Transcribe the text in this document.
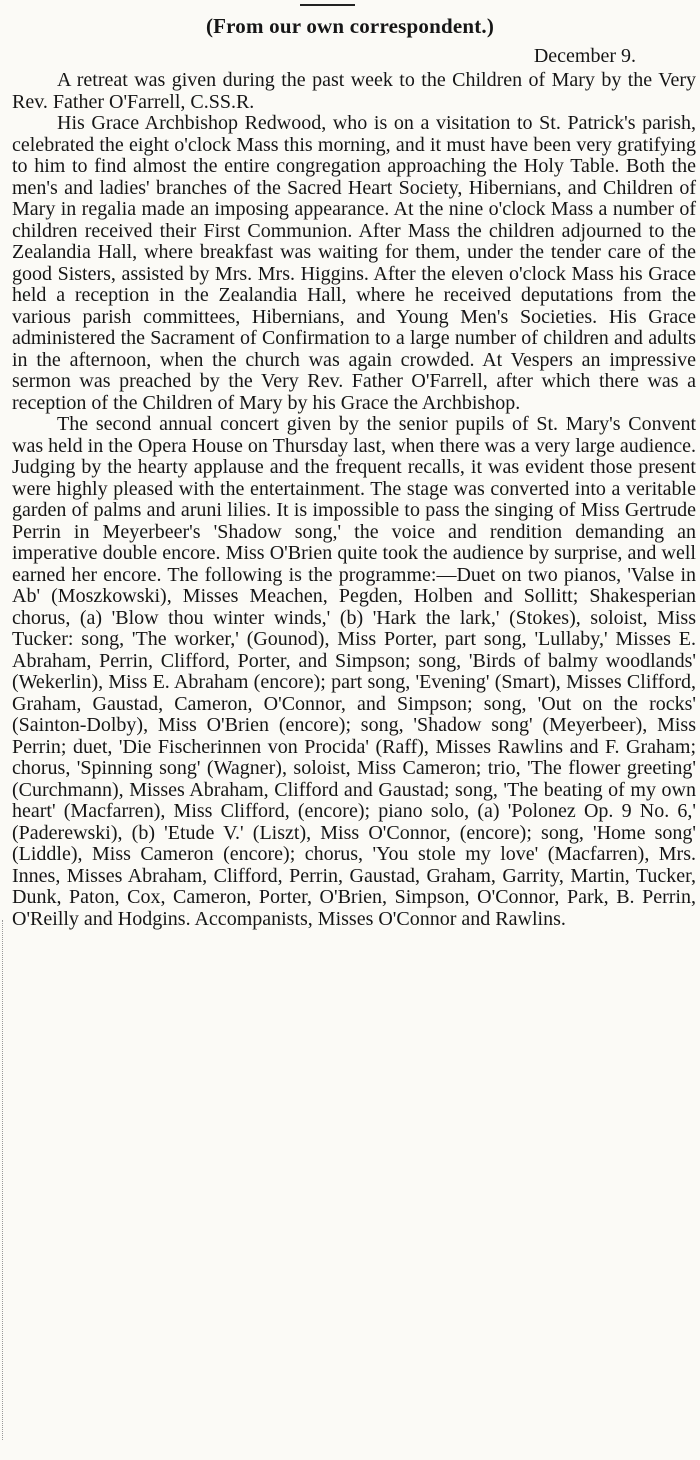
(From our own correspondent.)
December 9.

A retreat was given during the past week to the Children of Mary by the Very Rev. Father O'Farrell, C.SS.R.

His Grace Archbishop Redwood, who is on a visitation to St. Patrick's parish, celebrated the eight o'clock Mass this morning, and it must have been very gratifying to him to find almost the entire congregation approaching the Holy Table. Both the men's and ladies' branches of the Sacred Heart Society, Hibernians, and Children of Mary in regalia made an imposing appearance. At the nine o'clock Mass a number of children received their First Communion. After Mass the children adjourned to the Zealandia Hall, where breakfast was waiting for them, under the tender care of the good Sisters, assisted by Mrs. Mrs. Higgins. After the eleven o'clock Mass his Grace held a reception in the Zealandia Hall, where he received deputations from the various parish committees, Hibernians, and Young Men's Societies. His Grace administered the Sacrament of Confirmation to a large number of children and adults in the afternoon, when the church was again crowded. At Vespers an impressive sermon was preached by the Very Rev. Father O'Farrell, after which there was a reception of the Children of Mary by his Grace the Archbishop.

The second annual concert given by the senior pupils of St. Mary's Convent was held in the Opera House on Thursday last, when there was a very large audience. Judging by the hearty applause and the frequent recalls, it was evident those present were highly pleased with the entertainment. The stage was converted into a veritable garden of palms and aruni lilies. It is impossible to pass the singing of Miss Gertrude Perrin in Meyerbeer's 'Shadow song,' the voice and rendition demanding an imperative double encore. Miss O'Brien quite took the audience by surprise, and well earned her encore. The following is the programme:—Duet on two pianos, 'Valse in Ab' (Moszkowski), Misses Meachen, Pegden, Holben and Sollitt; Shakesperian chorus, (a) 'Blow thou winter winds,' (b) 'Hark the lark,' (Stokes), soloist, Miss Tucker: song, 'The worker,' (Gounod), Miss Porter, part song, 'Lullaby,' Misses E. Abraham, Perrin, Clifford, Porter, and Simpson; song, 'Birds of balmy woodlands' (Wekerlin), Miss E. Abraham (encore); part song, 'Evening' (Smart), Misses Clifford, Graham, Gaustad, Cameron, O'Connor, and Simpson; song, 'Out on the rocks' (Sainton-Dolby), Miss O'Brien (encore); song, 'Shadow song' (Meyerbeer), Miss Perrin; duet, 'Die Fischerinnen von Procida' (Raff), Misses Rawlins and F. Graham; chorus, 'Spinning song' (Wagner), soloist, Miss Cameron; trio, 'The flower greeting' (Curchmann), Misses Abraham, Clifford and Gaustad; song, 'The beating of my own heart' (Macfarren), Miss Clifford, (encore); piano solo, (a) 'Polonez Op. 9 No. 6,' (Paderewski), (b) 'Etude V.' (Liszt), Miss O'Connor, (encore); song, 'Home song' (Liddle), Miss Cameron (encore); chorus, 'You stole my love' (Macfarren), Mrs. Innes, Misses Abraham, Clifford, Perrin, Gaustad, Graham, Garrity, Martin, Tucker, Dunk, Paton, Cox, Cameron, Porter, O'Brien, Simpson, O'Connor, Park, B. Perrin, O'Reilly and Hodgins. Accompanists, Misses O'Connor and Rawlins.
